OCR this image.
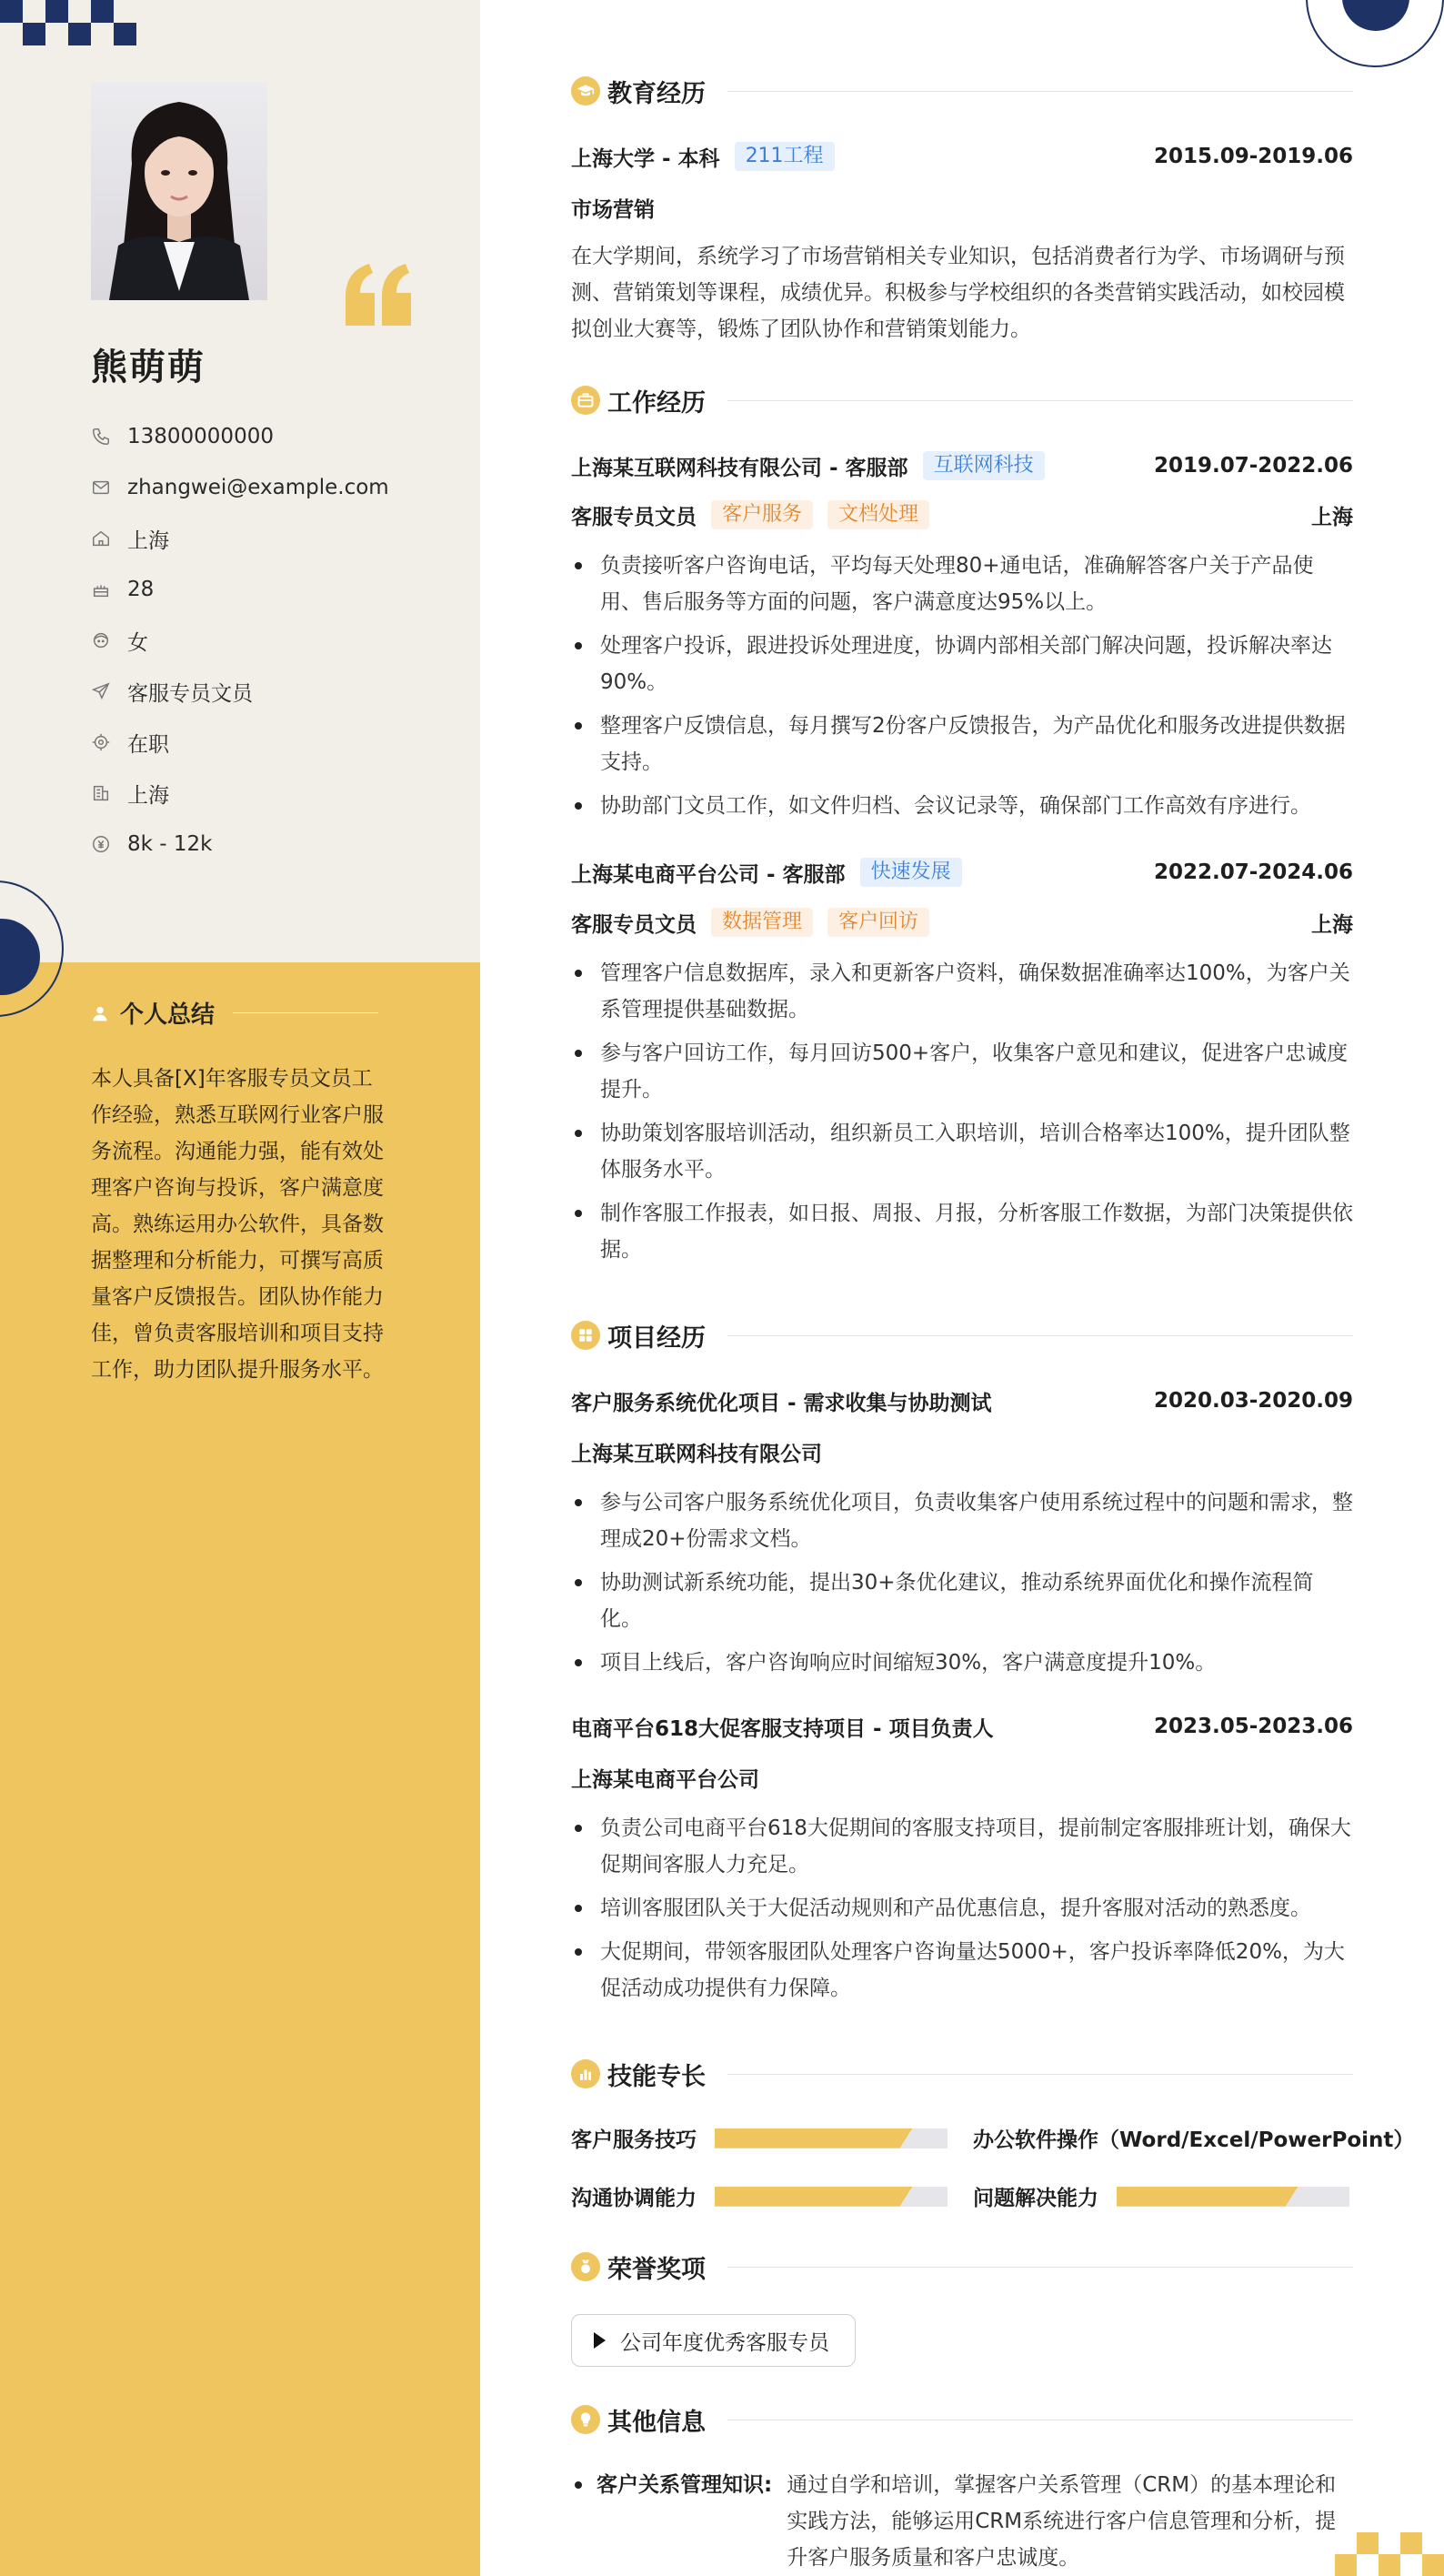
熊萌萌
13800000000
zhangwei@example.com
上海
28
女
客服专员文员
在职
上海
8k - 12k
个人总结
本人具备[X]年客服专员文员工作经验，熟悉互联网行业客户服务流程。沟通能力强，能有效处理客户咨询与投诉，客户满意度高。熟练运用办公软件，具备数据整理和分析能力，可撰写高质量客户反馈报告。团队协作能力佳，曾负责客服培训和项目支持工作，助力团队提升服务水平。
教育经历
上海大学 - 本科	211工程	2015.09-2019.06
市场营销
在大学期间，系统学习了市场营销相关专业知识，包括消费者行为学、市场调研与预测、营销策划等课程，成绩优异。积极参与学校组织的各类营销实践活动，如校园模拟创业大赛等，锻炼了团队协作和营销策划能力。
工作经历
上海某互联网科技有限公司 - 客服部	互联网科技	2019.07-2022.06
客服专员文员	客户服务	文档处理	上海
负责接听客户咨询电话，平均每天处理80+通电话，准确解答客户关于产品使用、售后服务等方面的问题，客户满意度达95%以上。
处理客户投诉，跟进投诉处理进度，协调内部相关部门解决问题，投诉解决率达90%。
整理客户反馈信息，每月撰写2份客户反馈报告，为产品优化和服务改进提供数据支持。
协助部门文员工作，如文件归档、会议记录等，确保部门工作高效有序进行。
上海某电商平台公司 - 客服部	快速发展	2022.07-2024.06
客服专员文员	数据管理	客户回访	上海
管理客户信息数据库，录入和更新客户资料，确保数据准确率达100%，为客户关系管理提供基础数据。
参与客户回访工作，每月回访500+客户，收集客户意见和建议，促进客户忠诚度提升。
协助策划客服培训活动，组织新员工入职培训，培训合格率达100%，提升团队整体服务水平。
制作客服工作报表，如日报、周报、月报，分析客服工作数据，为部门决策提供依据。
项目经历
客户服务系统优化项目 - 需求收集与协助测试	2020.03-2020.09
上海某互联网科技有限公司
参与公司客户服务系统优化项目，负责收集客户使用系统过程中的问题和需求，整理成20+份需求文档。
协助测试新系统功能，提出30+条优化建议，推动系统界面优化和操作流程简化。
项目上线后，客户咨询响应时间缩短30%，客户满意度提升10%。
电商平台618大促客服支持项目 - 项目负责人	2023.05-2023.06
上海某电商平台公司
负责公司电商平台618大促期间的客服支持项目，提前制定客服排班计划，确保大促期间客服人力充足。
培训客服团队关于大促活动规则和产品优惠信息，提升客服对活动的熟悉度。
大促期间，带领客服团队处理客户咨询量达5000+，客户投诉率降低20%，为大促活动成功提供有力保障。
技能专长
客户服务技巧	办公软件操作（Word/Excel/PowerPoint）
沟通协调能力	问题解决能力
荣誉奖项
公司年度优秀客服专员
其他信息
客户关系管理知识: 通过自学和培训，掌握客户关系管理（CRM）的基本理论和实践方法，能够运用CRM系统进行客户信息管理和分析，提升客户服务质量和客户忠诚度。
